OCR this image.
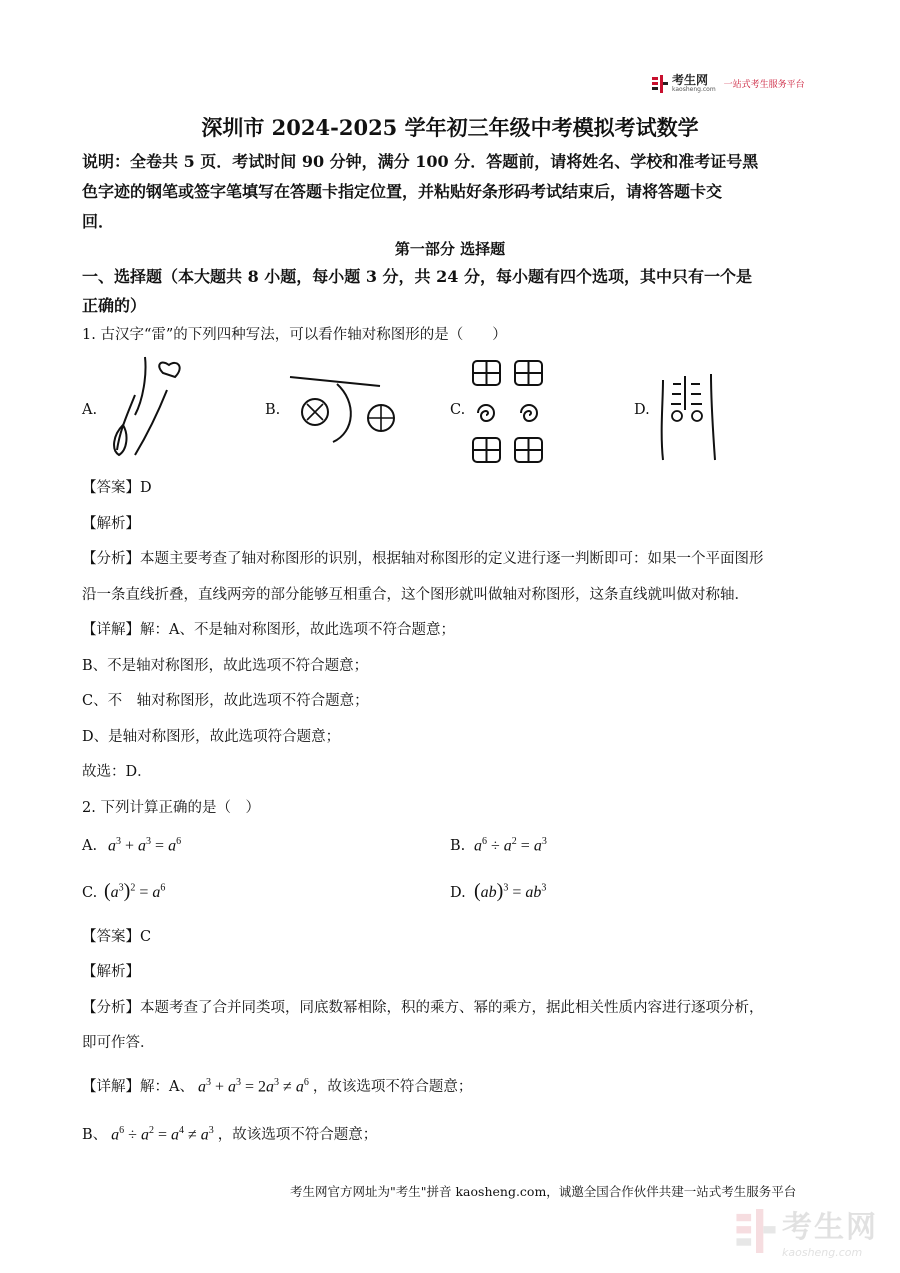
考生网
kaosheng.com 一站式考生服务平台
深圳市 2024-2025 学年初三年级中考模拟考试数学
说明：全卷共 5 页．考试时间 90 分钟，满分 100 分．答题前，请将姓名、学校和准考证号黑
色字迹的钢笔或签字笔填写在答题卡指定位置，并粘贴好条形码考试结束后，请将答题卡交
回．
第一部分 选择题
一、选择题（本大题共 8 小题，每小题 3 分，共 24 分，每小题有四个选项，其中只有一个是
正确的）
1. 古汉字“雷”的下列四种写法，可以看作轴对称图形的是（　　）
A.	B.	C.	D.
【答案】D
【解析】
【分析】本题主要考查了轴对称图形的识别，根据轴对称图形的定义进行逐一判断即可：如果一个平面图形
沿一条直线折叠，直线两旁的部分能够互相重合，这个图形就叫做轴对称图形，这条直线就叫做对称轴．
【详解】解：A、不是轴对称图形，故此选项不符合题意；
B、不是轴对称图形，故此选项不符合题意；
C、不　轴对称图形，故此选项不符合题意；
D、是轴对称图形，故此选项符合题意；
故选：D．
2. 下列计算正确的是（　）
A. $a^3 + a^3 = a^6$	B. $a^6 \div a^2 = a^3$
C. $(a^3)^2 = a^6$	D. $(ab)^3 = ab^3$
【答案】C
【解析】
【分析】本题考查了合并同类项，同底数幂相除，积的乘方、幂的乘方，据此相关性质内容进行逐项分析，
即可作答．
【详解】解：A、 $a^3 + a^3 = 2a^3 \ne a^6$ ，故该选项不符合题意；
B、 $a^6 \div a^2 = a^4 \ne a^3$ ，故该选项不符合题意；
考生网官方网址为"考生"拼音 kaosheng.com，诚邀全国合作伙伴共建一站式考生服务平台
考生网
kaosheng.com
